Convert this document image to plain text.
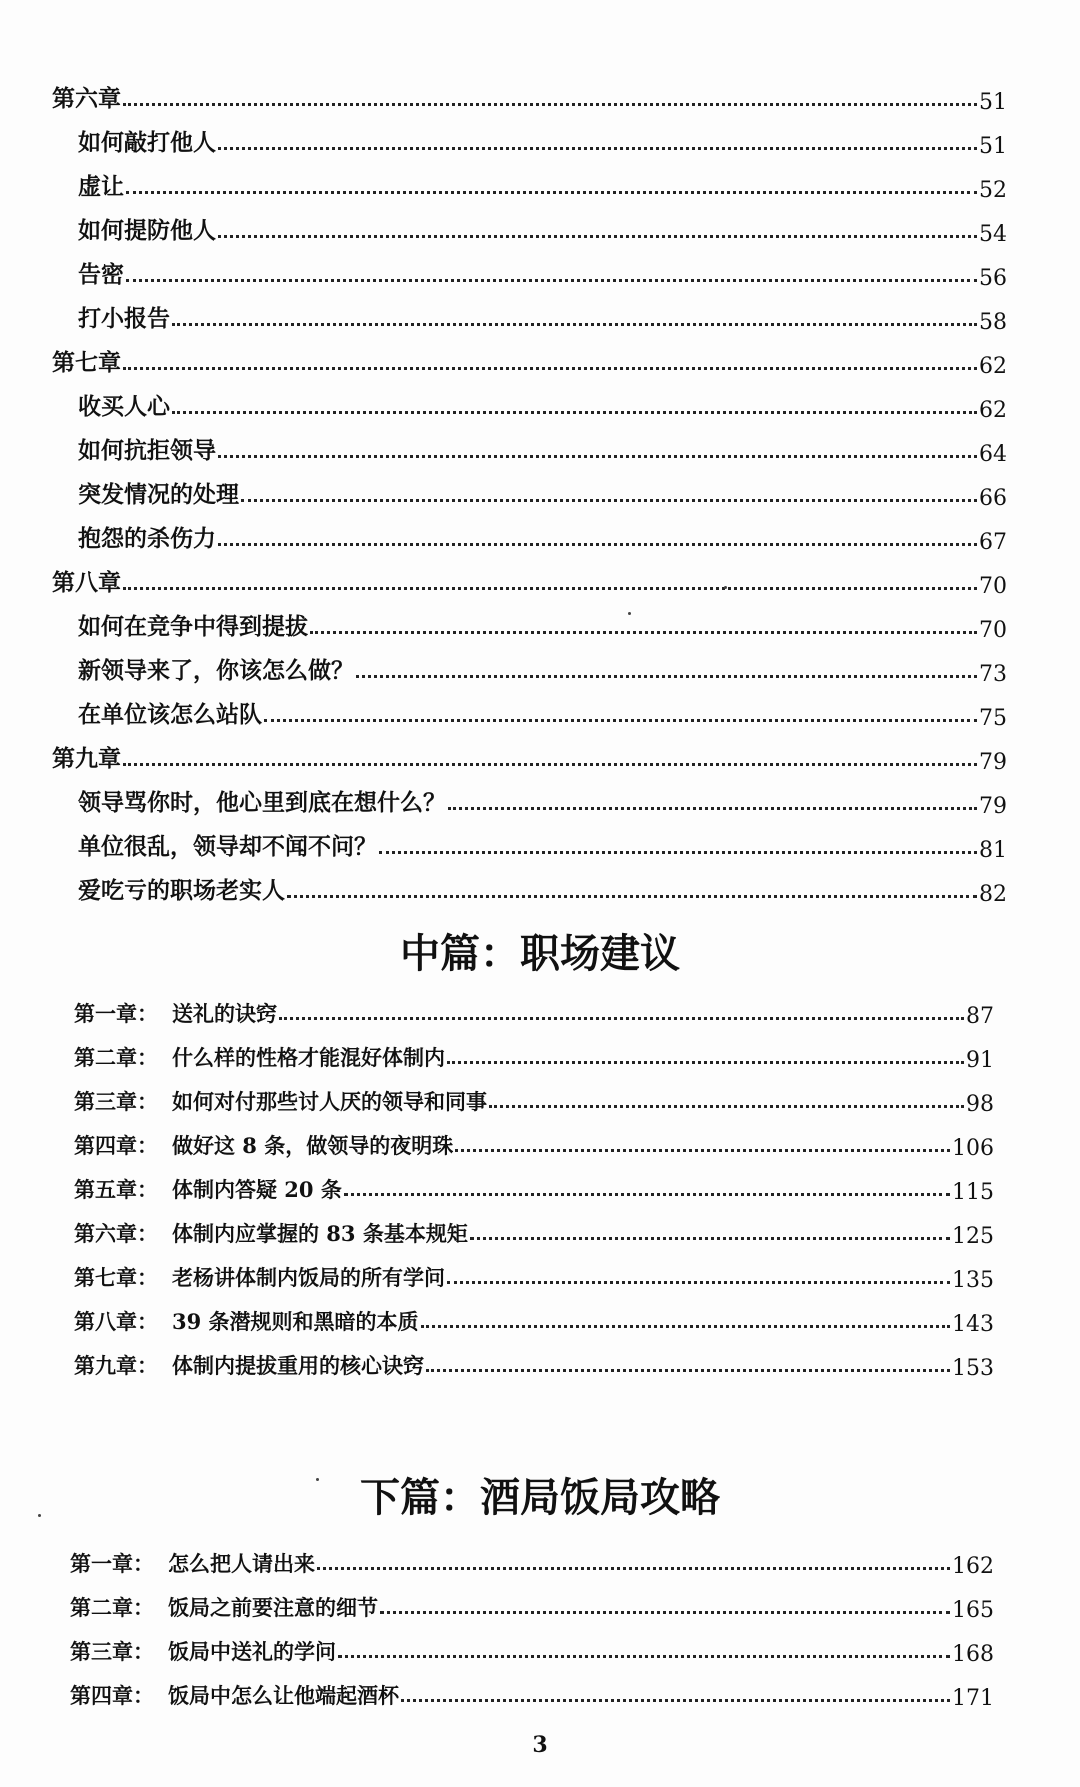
第六章	51
如何敲打他人	51
虚让	52
如何提防他人	54
告密	56
打小报告	58
第七章	62
收买人心	62
如何抗拒领导	64
突发情况的处理	66
抱怨的杀伤力	67
第八章	70
如何在竞争中得到提拔	70
新领导来了，你该怎么做？	73
在单位该怎么站队	75
第九章	79
领导骂你时，他心里到底在想什么？	79
单位很乱，领导却不闻不问？	81
爱吃亏的职场老实人	82
中篇：职场建议
第一章： 送礼的诀窍	87
第二章： 什么样的性格才能混好体制内	91
第三章： 如何对付那些讨人厌的领导和同事	98
第四章： 做好这 8 条，做领导的夜明珠	106
第五章： 体制内答疑 20 条	115
第六章： 体制内应掌握的 83 条基本规矩	125
第七章： 老杨讲体制内饭局的所有学问	135
第八章： 39 条潜规则和黑暗的本质	143
第九章： 体制内提拔重用的核心诀窍	153
下篇：酒局饭局攻略
第一章： 怎么把人请出来	162
第二章： 饭局之前要注意的细节	165
第三章： 饭局中送礼的学问	168
第四章： 饭局中怎么让他端起酒杯	171
3
